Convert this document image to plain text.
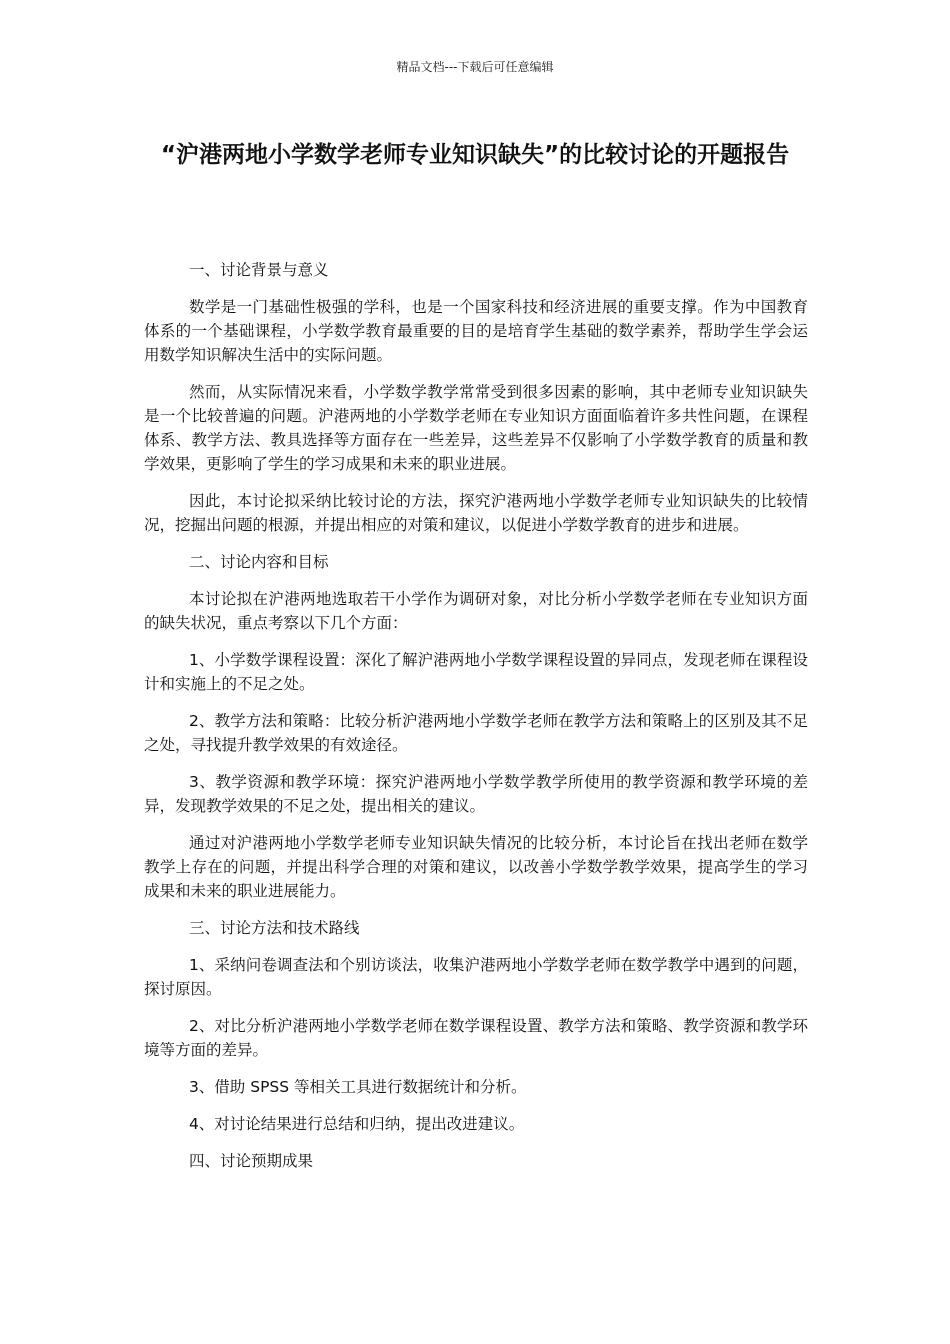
精品文档---下载后可任意编辑
“沪港两地小学数学老师专业知识缺失”的比较讨论的开题报告

一、讨论背景与意义

数学是一门基础性极强的学科，也是一个国家科技和经济进展的重要支撑。作为中国教育体系的一个基础课程，小学数学教育最重要的目的是培育学生基础的数学素养，帮助学生学会运用数学知识解决生活中的实际问题。

然而，从实际情况来看，小学数学教学常常受到很多因素的影响，其中老师专业知识缺失是一个比较普遍的问题。沪港两地的小学数学老师在专业知识方面面临着许多共性问题，在课程体系、教学方法、教具选择等方面存在一些差异，这些差异不仅影响了小学数学教育的质量和教学效果，更影响了学生的学习成果和未来的职业进展。

因此，本讨论拟采纳比较讨论的方法，探究沪港两地小学数学老师专业知识缺失的比较情况，挖掘出问题的根源，并提出相应的对策和建议，以促进小学数学教育的进步和进展。

二、讨论内容和目标

本讨论拟在沪港两地选取若干小学作为调研对象，对比分析小学数学老师在专业知识方面的缺失状况，重点考察以下几个方面：

1、小学数学课程设置：深化了解沪港两地小学数学课程设置的异同点，发现老师在课程设计和实施上的不足之处。

2、教学方法和策略：比较分析沪港两地小学数学老师在教学方法和策略上的区别及其不足之处，寻找提升教学效果的有效途径。

3、教学资源和教学环境：探究沪港两地小学数学教学所使用的教学资源和教学环境的差异，发现教学效果的不足之处，提出相关的建议。

通过对沪港两地小学数学老师专业知识缺失情况的比较分析，本讨论旨在找出老师在数学教学上存在的问题，并提出科学合理的对策和建议，以改善小学数学教学效果，提高学生的学习成果和未来的职业进展能力。

三、讨论方法和技术路线

1、采纳问卷调查法和个别访谈法，收集沪港两地小学数学老师在数学教学中遇到的问题，探讨原因。

2、对比分析沪港两地小学数学老师在数学课程设置、教学方法和策略、教学资源和教学环境等方面的差异。

3、借助 SPSS 等相关工具进行数据统计和分析。

4、对讨论结果进行总结和归纳，提出改进建议。

四、讨论预期成果
